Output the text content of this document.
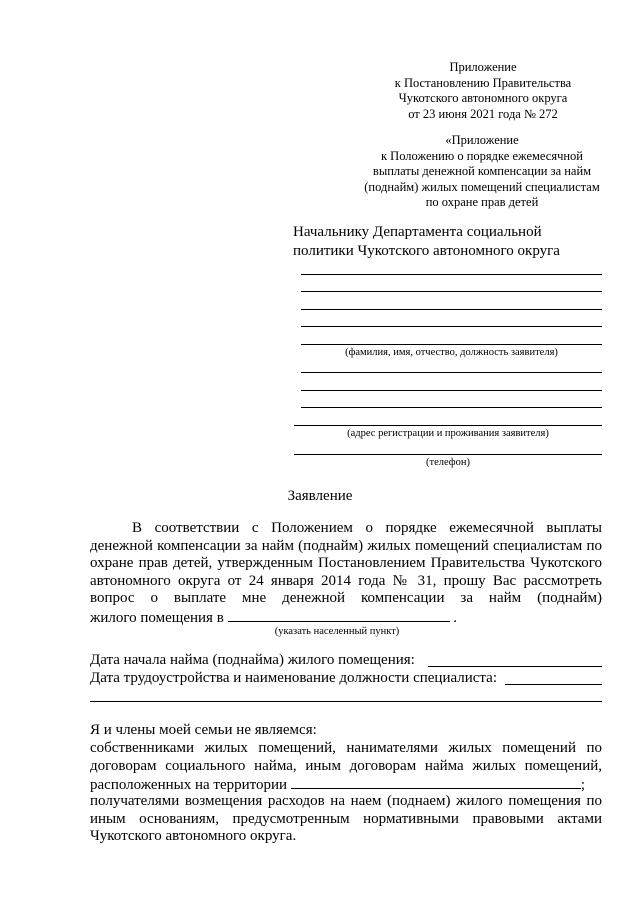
Приложение
к Постановлению Правительства
Чукотского автономного округа
от 23 июня 2021 года № 272
«Приложение
к Положению о порядке ежемесячной
выплаты денежной компенсации за найм
(поднайм) жилых помещений специалистам
по охране прав детей
Начальнику Департамента социальной
политики Чукотского автономного округа
(фамилия, имя, отчество, должность заявителя)
(адрес регистрации и проживания заявителя)
(телефон)
Заявление

В соответствии с Положением о порядке ежемесячной выплаты денежной компенсации за найм (поднайм) жилых помещений специалистам по охране прав детей, утвержденным Постановлением Правительства Чукотского автономного округа от 24 января 2014 года № 31, прошу Вас рассмотреть вопрос о выплате мне денежной компенсации за найм (поднайм)

жилого помещения в	.
(указать населенный пункт)
Дата начала найма (поднайма) жилого помещения:
Дата трудоустройства и наименование должности специалиста:
Я и члены моей семьи не являемся:

собственниками жилых помещений, нанимателями жилых помещений по договорам социального найма, иным договорам найма жилых помещений,

расположенных на территории	;

получателями возмещения расходов на наем (поднаем) жилого помещения по иным основаниям, предусмотренным нормативными правовыми актами Чукотского автономного округа.
